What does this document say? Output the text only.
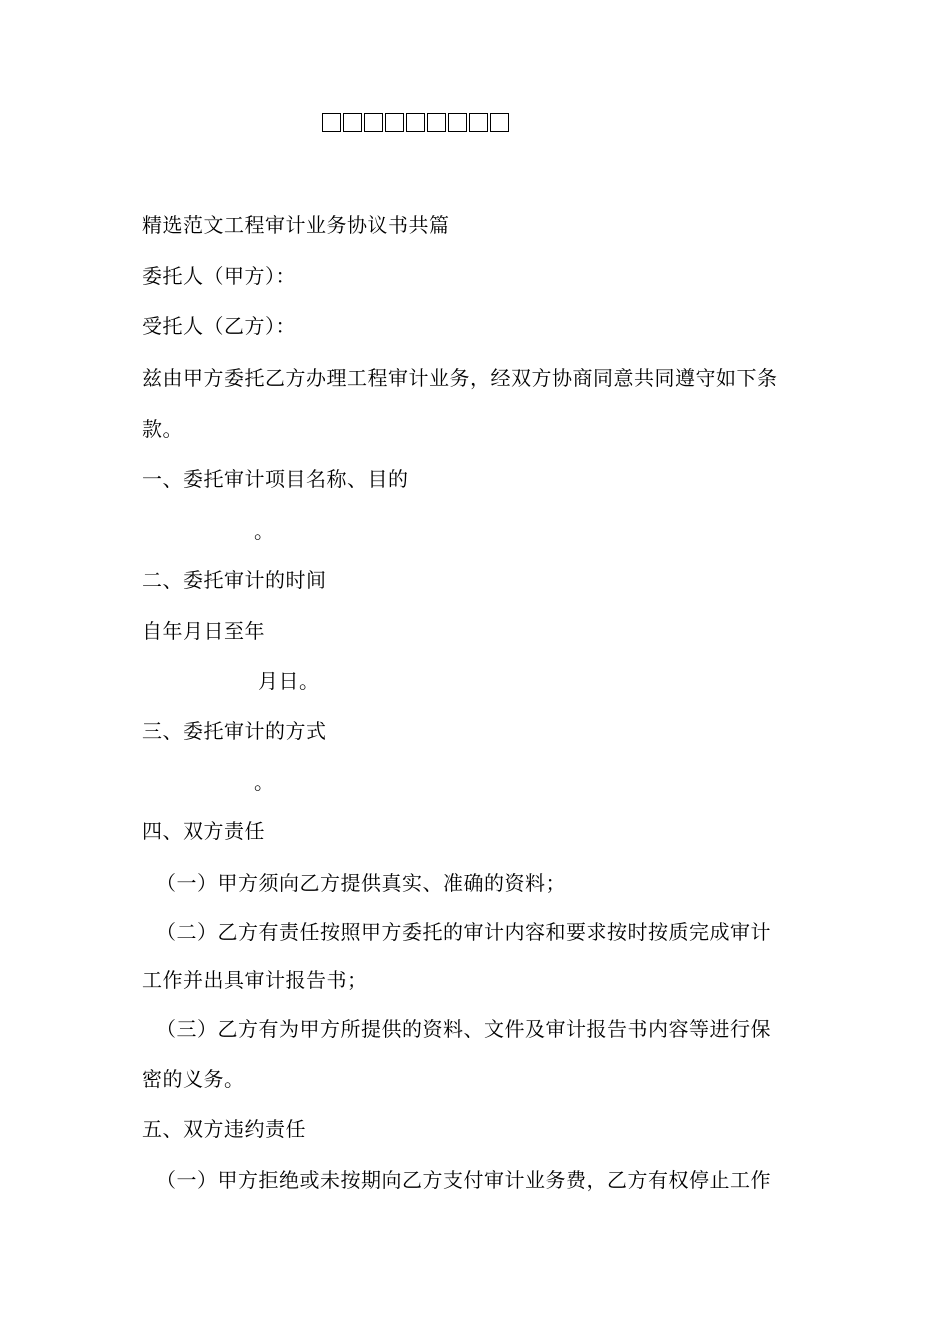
精选范文工程审计业务协议书共篇
委托人（甲方）：
受托人（乙方）：
兹由甲方委托乙方办理工程审计业务，经双方协商同意共同遵守如下条
款。
一、委托审计项目名称、目的
。
二、委托审计的时间
自年月日至年
月日。
三、委托审计的方式
。
四、双方责任
（一）甲方须向乙方提供真实、准确的资料；
（二）乙方有责任按照甲方委托的审计内容和要求按时按质完成审计
工作并出具审计报告书；
（三）乙方有为甲方所提供的资料、文件及审计报告书内容等进行保
密的义务。
五、双方违约责任
（一）甲方拒绝或未按期向乙方支付审计业务费，乙方有权停止工作
